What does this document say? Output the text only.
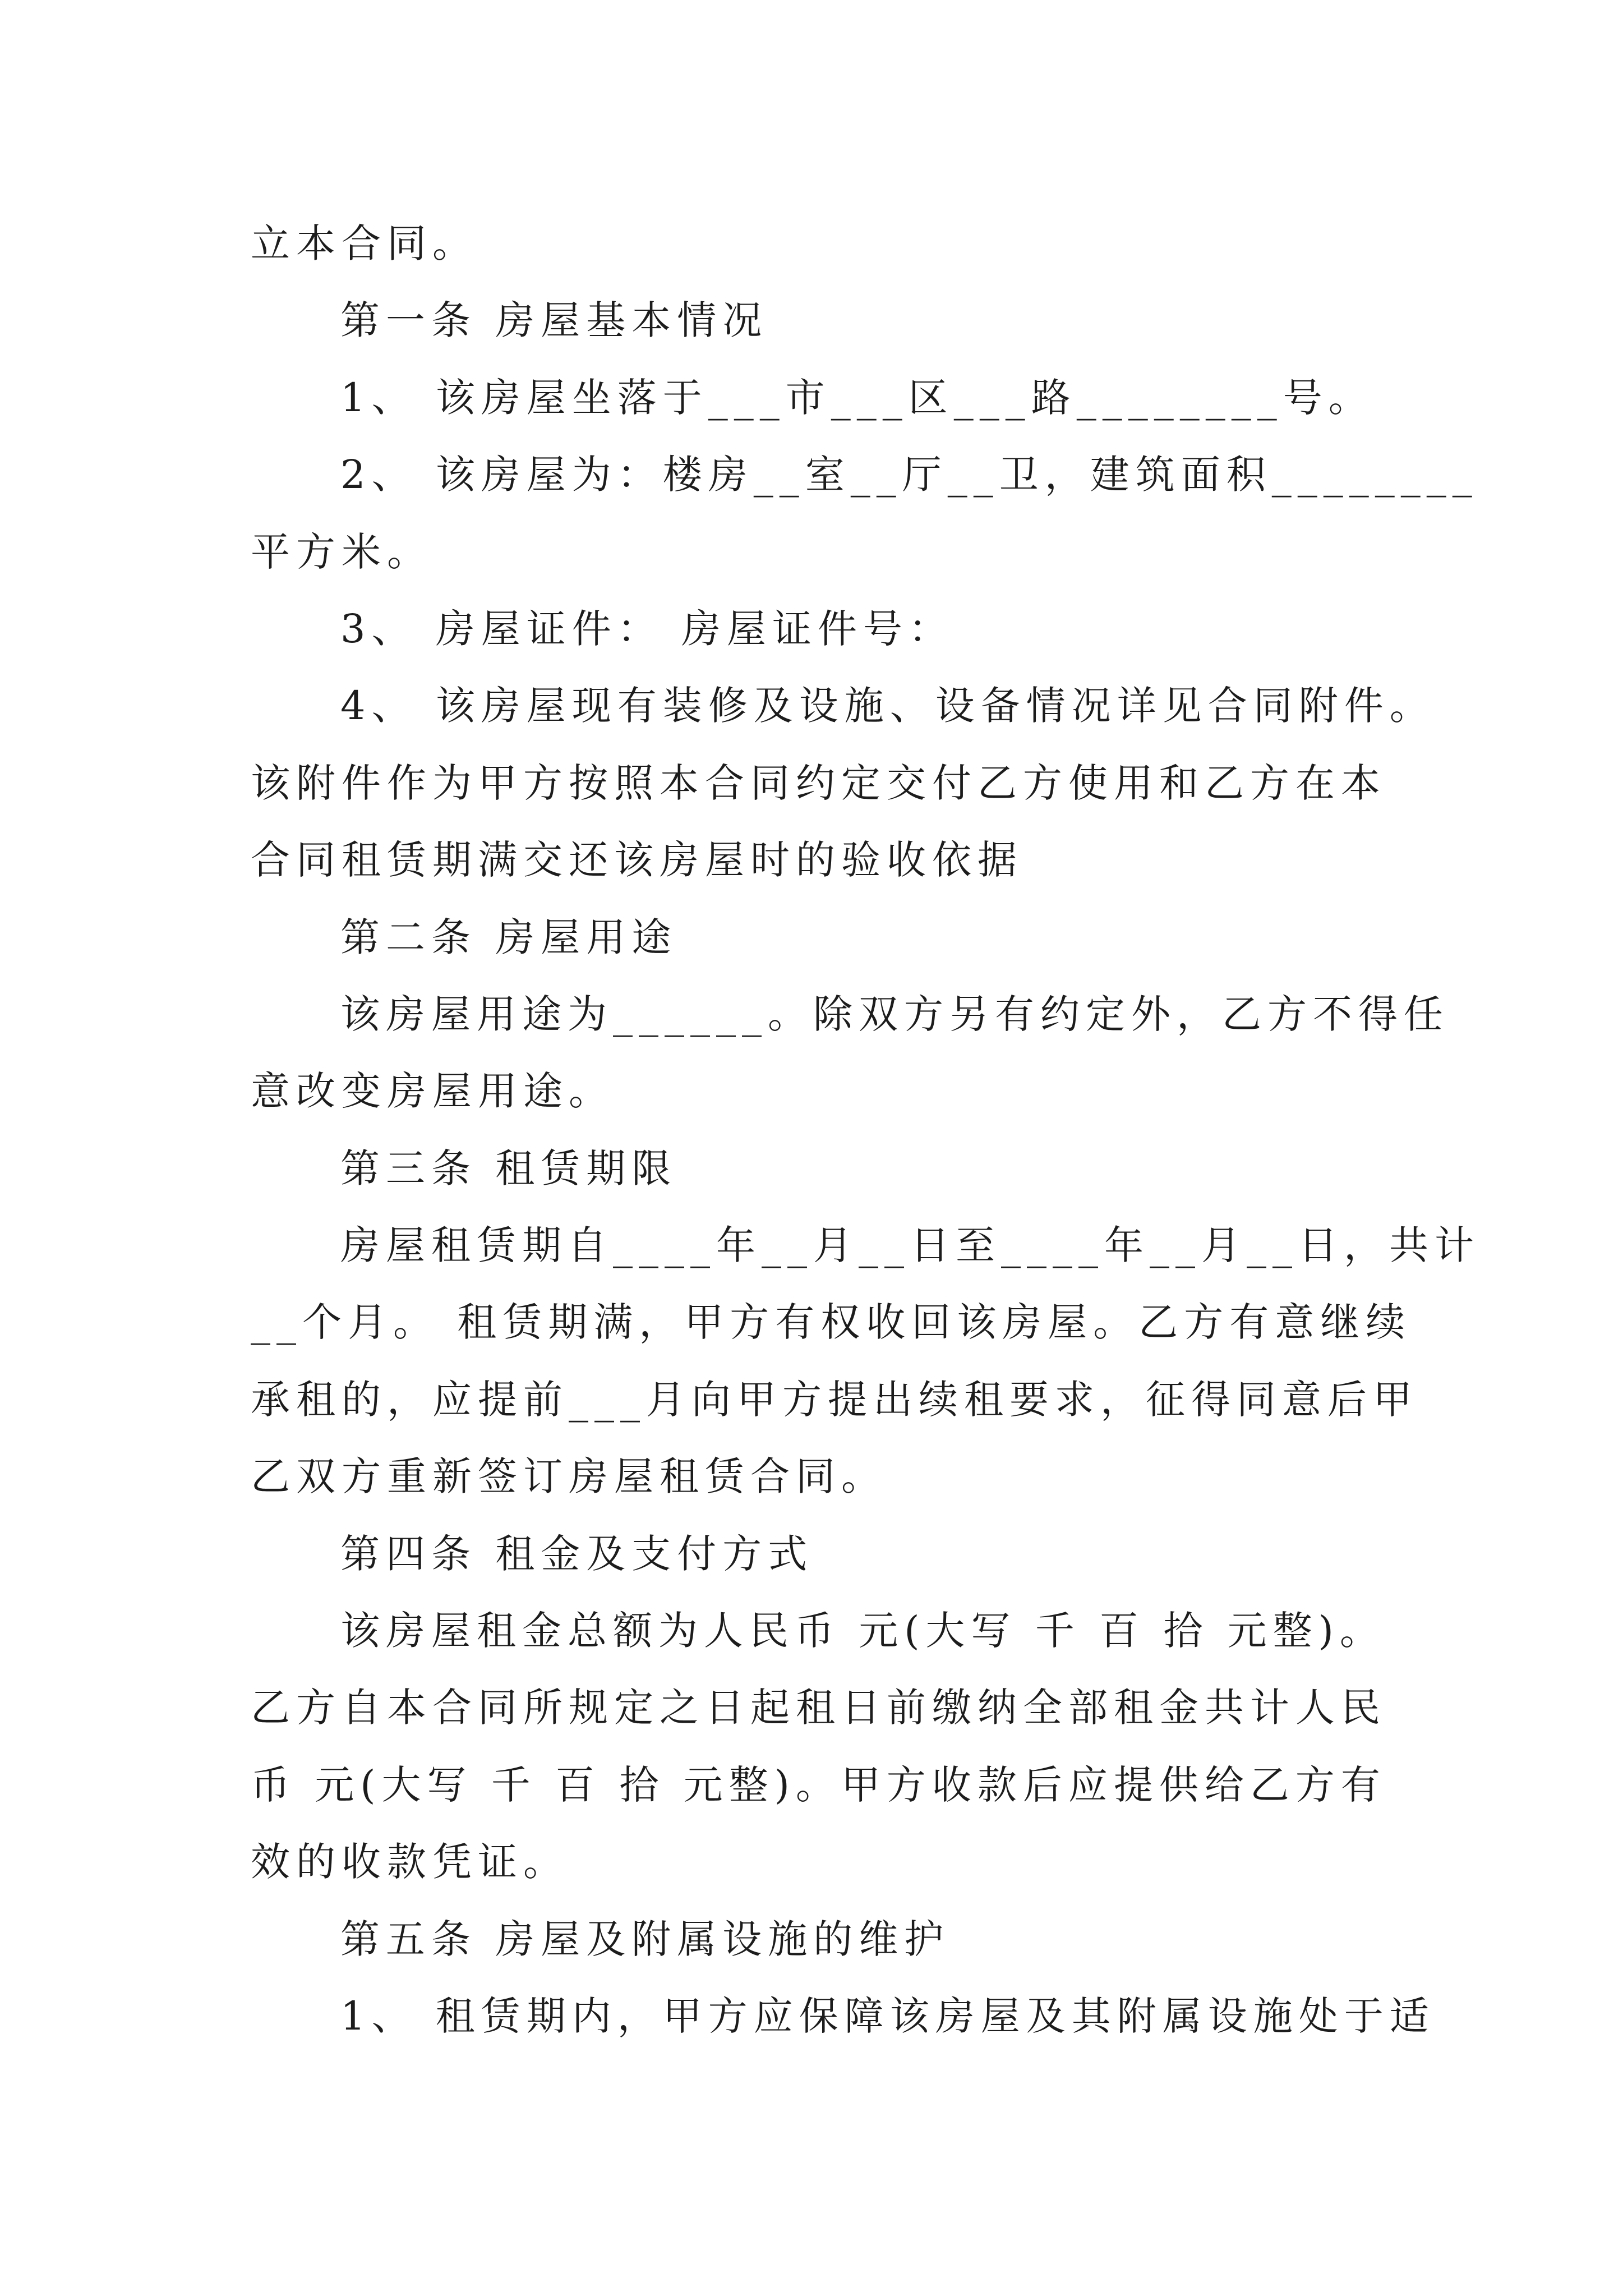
立本合同。
第一条 房屋基本情况
1、 该房屋坐落于___市___区___路________号。
2、 该房屋为：楼房__室__厅__卫，建筑面积________
平方米。
3、 房屋证件： 房屋证件号：
4、 该房屋现有装修及设施、设备情况详见合同附件。
该附件作为甲方按照本合同约定交付乙方使用和乙方在本
合同租赁期满交还该房屋时的验收依据
第二条 房屋用途
该房屋用途为______。除双方另有约定外，乙方不得任
意改变房屋用途。
第三条 租赁期限
房屋租赁期自____年__月__日至____年__月__日，共计
__个月。 租赁期满，甲方有权收回该房屋。乙方有意继续
承租的，应提前___月向甲方提出续租要求，征得同意后甲
乙双方重新签订房屋租赁合同。
第四条 租金及支付方式
该房屋租金总额为人民币 元(大写 千 百 拾 元整)。
乙方自本合同所规定之日起租日前缴纳全部租金共计人民
币 元(大写 千 百 拾 元整)。甲方收款后应提供给乙方有
效的收款凭证。
第五条 房屋及附属设施的维护
1、 租赁期内，甲方应保障该房屋及其附属设施处于适
